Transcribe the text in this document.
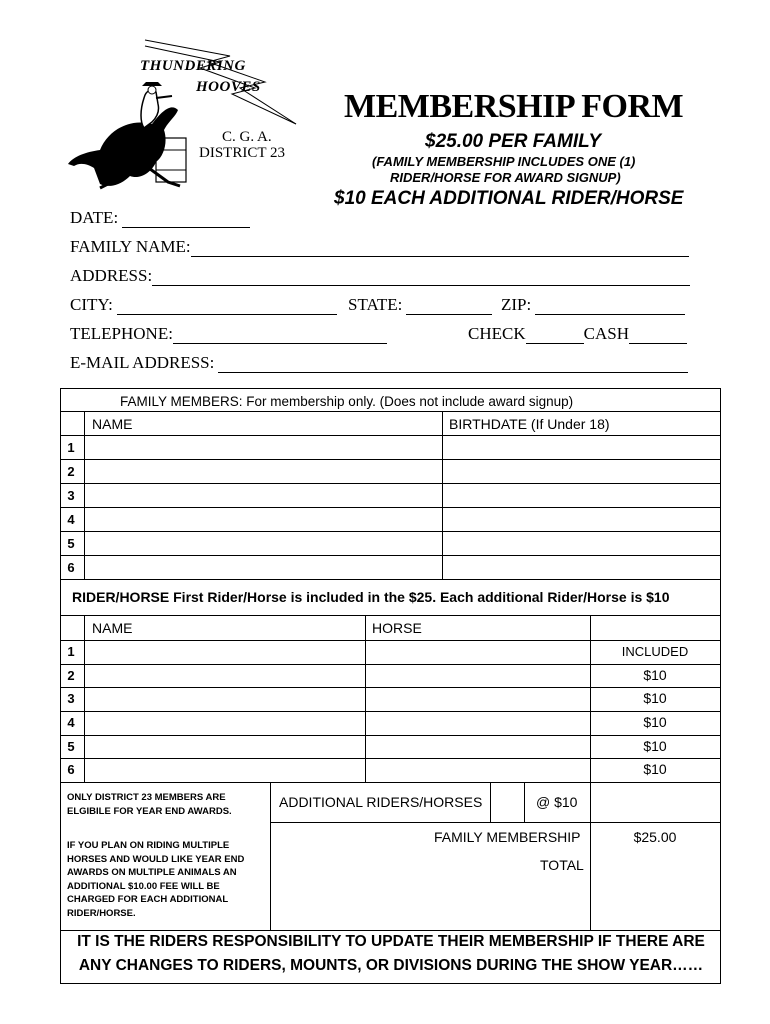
THUNDERING
HOOVES
C. G. A.
DISTRICT 23
MEMBERSHIP FORM
$25.00 PER FAMILY
(FAMILY MEMBERSHIP INCLUDES ONE (1)
RIDER/HORSE FOR AWARD SIGNUP)
$10 EACH ADDITIONAL RIDER/HORSE
DATE:
FAMILY NAME:
ADDRESS:
CITY:	STATE:	ZIP:
TELEPHONE:	CHECK	CASH
E-MAIL ADDRESS:
FAMILY MEMBERS: For membership only. (Does not include award signup)
NAME	BIRTHDATE (If Under 18)
1
2
3
4
5
6
RIDER/HORSE First Rider/Horse is included in the $25. Each additional Rider/Horse is $10
NAME	HORSE
1	INCLUDED
2	$10
3	$10
4	$10
5	$10
6	$10
ONLY DISTRICT 23 MEMBERS ARE
ELGIBILE FOR YEAR END AWARDS.
IF YOU PLAN ON RIDING MULTIPLE
HORSES AND WOULD LIKE YEAR END
AWARDS ON MULTIPLE ANIMALS AN
ADDITIONAL $10.00 FEE WILL BE
CHARGED FOR EACH ADDITIONAL
RIDER/HORSE.
ADDITIONAL RIDERS/HORSES	@ $10
FAMILY MEMBERSHIP	$25.00
TOTAL
IT IS THE RIDERS RESPONSIBILITY TO UPDATE THEIR MEMBERSHIP IF THERE ARE
ANY CHANGES TO RIDERS, MOUNTS, OR DIVISIONS DURING THE SHOW YEAR……
